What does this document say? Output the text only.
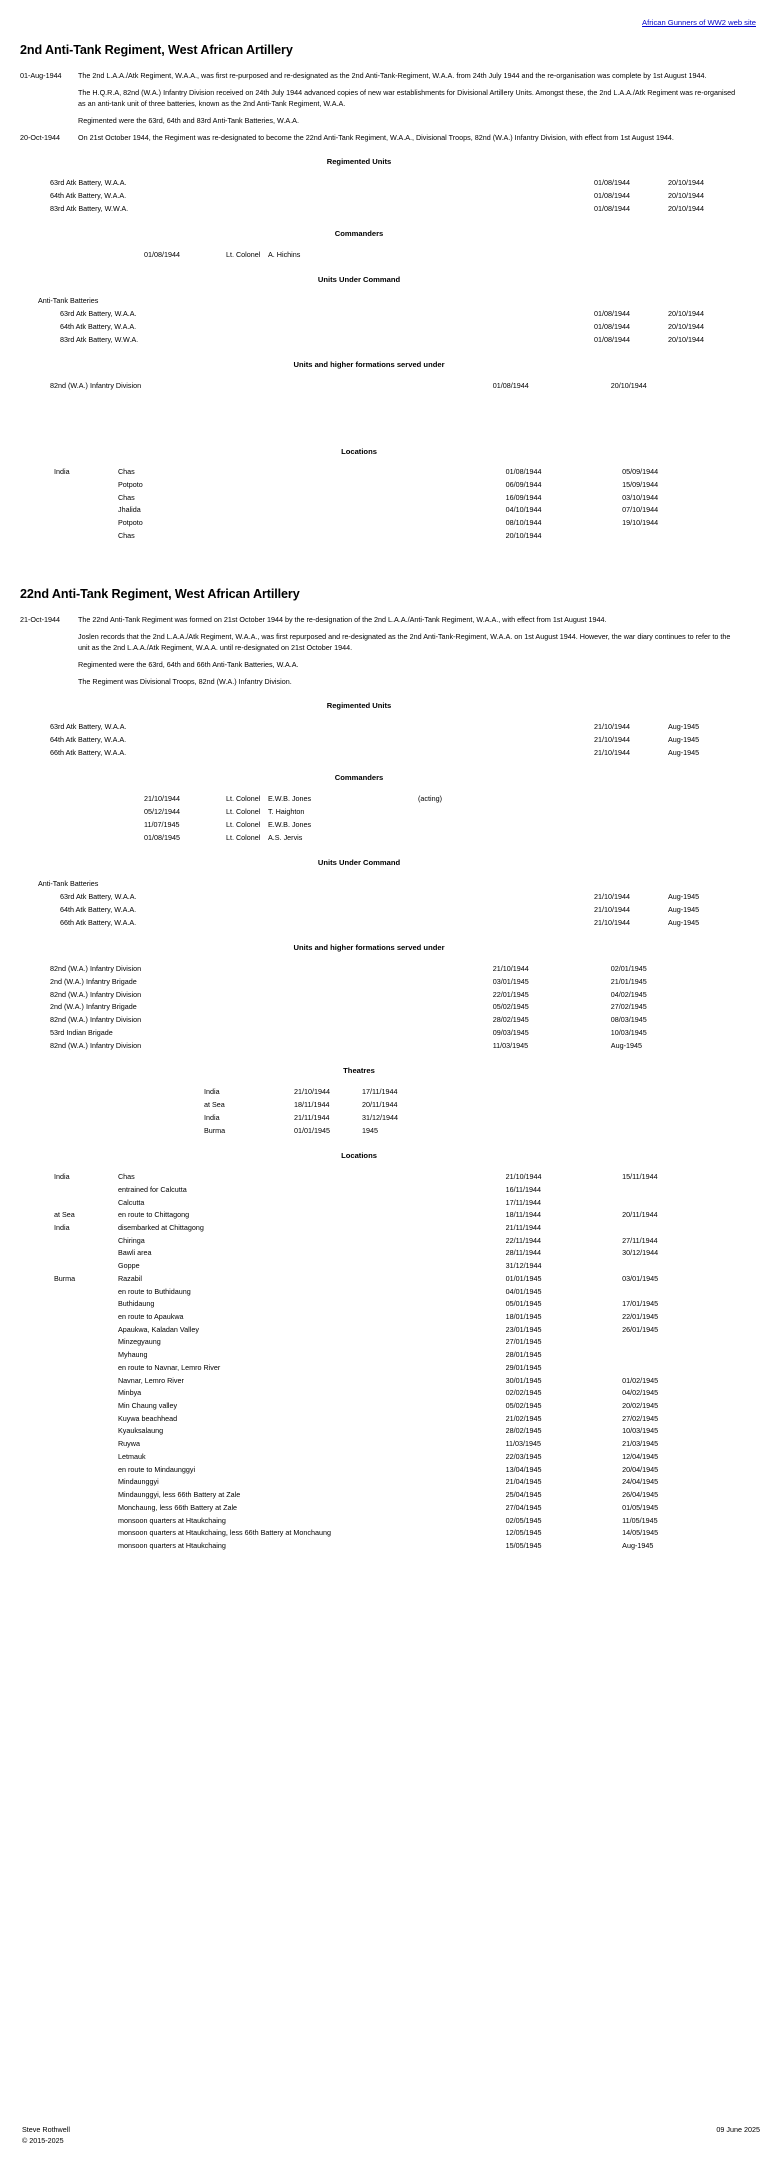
African Gunners of WW2 web site
2nd Anti-Tank Regiment, West African Artillery
01-Aug-1944	The 2nd L.A.A./Atk Regiment, W.A.A., was first re-purposed and re-designated as the 2nd Anti-Tank-Regiment, W.A.A. from 24th July 1944 and the re-organisation was complete by 1st August 1944.

The H.Q.R.A, 82nd (W.A.) Infantry Division received on 24th July 1944 advanced copies of new war establishments for Divisional Artillery Units. Amongst these, the 2nd L.A.A./Atk Regiment was re-organised as an anti-tank unit of three batteries, known as the 2nd Anti-Tank Regiment, W.A.A.

Regimented were the 63rd, 64th and 83rd Anti-Tank Batteries, W.A.A.

20-Oct-1944	On 21st October 1944, the Regiment was re-designated to become the 22nd Anti-Tank Regiment, W.A.A., Divisional Troops, 82nd (W.A.) Infantry Division, with effect from 1st August 1944.

Regimented Units
63rd Atk Battery, W.A.A.	01/08/1944	20/10/1944
64th Atk Battery, W.A.A.	01/08/1944	20/10/1944
83rd Atk Battery, W.W.A.	01/08/1944	20/10/1944
Commanders
01/08/1944	Lt. Colonel	A. Hichins	
Units Under Command
Anti-Tank Batteries		
63rd Atk Battery, W.A.A.	01/08/1944	20/10/1944
64th Atk Battery, W.A.A.	01/08/1944	20/10/1944
83rd Atk Battery, W.W.A.	01/08/1944	20/10/1944
Units and higher formations served under
82nd (W.A.) Infantry Division	01/08/1944	20/10/1944
Locations
India	Chas	01/08/1944	05/09/1944
	Potpoto	06/09/1944	15/09/1944
	Chas	16/09/1944	03/10/1944
	Jhalida	04/10/1944	07/10/1944
	Potpoto	08/10/1944	19/10/1944
	Chas	20/10/1944	
22nd Anti-Tank Regiment, West African Artillery
21-Oct-1944	The 22nd Anti-Tank Regiment was formed on 21st October 1944 by the re-designation of the 2nd L.A.A./Anti-Tank Regiment, W.A.A., with effect from 1st August 1944.

Joslen records that the 2nd L.A.A./Atk Regiment, W.A.A., was first repurposed and re-designated as the 2nd Anti-Tank-Regiment, W.A.A. on 1st August 1944. However, the war diary continues to refer to the unit as the 2nd L.A.A./Atk Regiment, W.A.A. until re-designated on 21st October 1944.

Regimented were the 63rd, 64th and 66th Anti-Tank Batteries, W.A.A.

The Regiment was Divisional Troops, 82nd (W.A.) Infantry Division.

Regimented Units
63rd Atk Battery, W.A.A.	21/10/1944	Aug-1945
64th Atk Battery, W.A.A.	21/10/1944	Aug-1945
66th Atk Battery, W.A.A.	21/10/1944	Aug-1945
Commanders
21/10/1944	Lt. Colonel	E.W.B. Jones	(acting)
05/12/1944	Lt. Colonel	T. Haighton	
11/07/1945	Lt. Colonel	E.W.B. Jones	
01/08/1945	Lt. Colonel	A.S. Jervis	
Units Under Command
Anti-Tank Batteries		
63rd Atk Battery, W.A.A.	21/10/1944	Aug-1945
64th Atk Battery, W.A.A.	21/10/1944	Aug-1945
66th Atk Battery, W.A.A.	21/10/1944	Aug-1945
Units and higher formations served under
82nd (W.A.) Infantry Division	21/10/1944	02/01/1945
2nd (W.A.) Infantry Brigade	03/01/1945	21/01/1945
82nd (W.A.) Infantry Division	22/01/1945	04/02/1945
2nd (W.A.) Infantry Brigade	05/02/1945	27/02/1945
82nd (W.A.) Infantry Division	28/02/1945	08/03/1945
53rd Indian Brigade	09/03/1945	10/03/1945
82nd (W.A.) Infantry Division	11/03/1945	Aug-1945
Theatres
India	21/10/1944	17/11/1944
at Sea	18/11/1944	20/11/1944
India	21/11/1944	31/12/1944
Burma	01/01/1945	1945
Locations
India	Chas	21/10/1944	15/11/1944
	entrained for Calcutta	16/11/1944	
	Calcutta	17/11/1944	
at Sea	en route to Chittagong	18/11/1944	20/11/1944
India	disembarked at Chittagong	21/11/1944	
	Chiringa	22/11/1944	27/11/1944
	Bawli area	28/11/1944	30/12/1944
	Goppe	31/12/1944	
Burma	Razabil	01/01/1945	03/01/1945
	en route to Buthidaung	04/01/1945	
	Buthidaung	05/01/1945	17/01/1945
	en route to Apaukwa	18/01/1945	22/01/1945
	Apaukwa, Kaladan Valley	23/01/1945	26/01/1945
	Minzegyaung	27/01/1945	
	Myhaung	28/01/1945	
	en route to Navnar, Lemro River	29/01/1945	
	Navnar, Lemro River	30/01/1945	01/02/1945
	Minbya	02/02/1945	04/02/1945
	Min Chaung valley	05/02/1945	20/02/1945
	Kuywa beachhead	21/02/1945	27/02/1945
	Kyauksalaung	28/02/1945	10/03/1945
	Ruywa	11/03/1945	21/03/1945
	Letmauk	22/03/1945	12/04/1945
	en route to Mindaunggyi	13/04/1945	20/04/1945
	Mindaunggyi	21/04/1945	24/04/1945
	Mindaunggyi, less 66th Battery at Zale	25/04/1945	26/04/1945
	Monchaung, less 66th Battery at Zale	27/04/1945	01/05/1945
	monsoon quarters at Htaukchaing	02/05/1945	11/05/1945
	monsoon quarters at Htaukchaing, less 66th Battery at Monchaung	12/05/1945	14/05/1945
	monsoon quarters at Htaukchaing	15/05/1945	Aug-1945
Steve Rothwell
© 2015-2025
09 June 2025
